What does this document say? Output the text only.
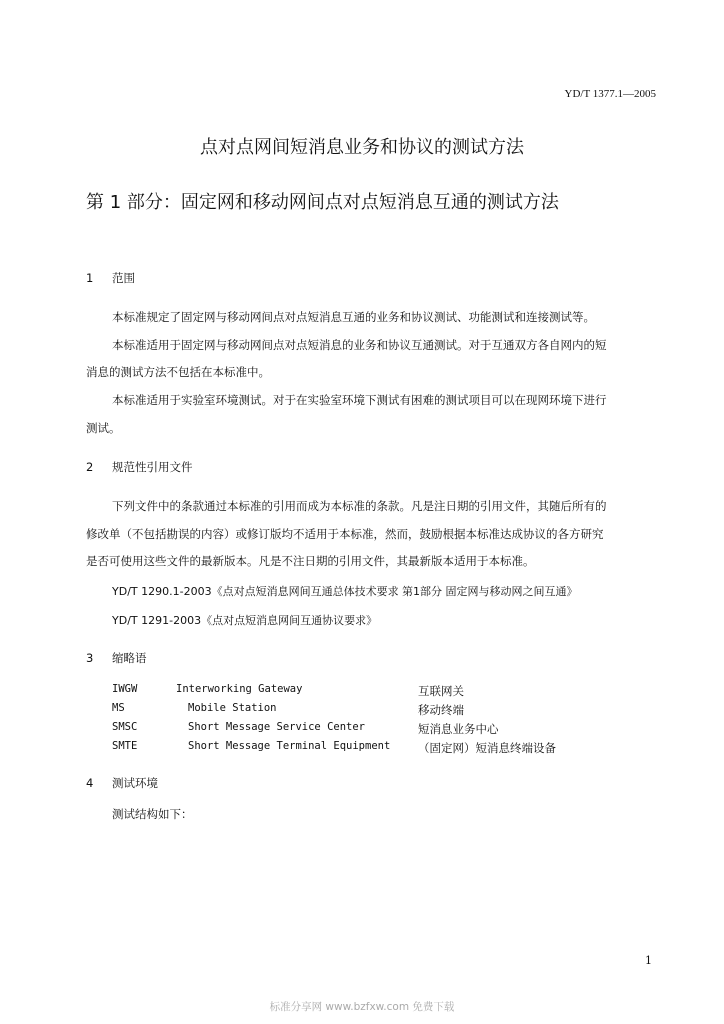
YD/T 1377.1—2005
点对点网间短消息业务和协议的测试方法
第 1 部分：固定网和移动网间点对点短消息互通的测试方法
1 范围
本标准规定了固定网与移动网间点对点短消息互通的业务和协议测试、功能测试和连接测试等。
本标准适用于固定网与移动网间点对点短消息的业务和协议互通测试。对于互通双方各自网内的短
消息的测试方法不包括在本标准中。
本标准适用于实验室环境测试。对于在实验室环境下测试有困难的测试项目可以在现网环境下进行
测试。
2 规范性引用文件
下列文件中的条款通过本标准的引用而成为本标准的条款。凡是注日期的引用文件，其随后所有的
修改单（不包括勘误的内容）或修订版均不适用于本标准，然而，鼓励根据本标准达成协议的各方研究
是否可使用这些文件的最新版本。凡是不注日期的引用文件，其最新版本适用于本标准。
YD/T 1290.1-2003《点对点短消息网间互通总体技术要求 第1部分 固定网与移动网之间互通》
YD/T 1291-2003《点对点短消息网间互通协议要求》
3 缩略语
IWGW	Interworking Gateway	互联网关
MS	Mobile Station	移动终端
SMSC	Short Message Service Center	短消息业务中心
SMTE	Short Message Terminal Equipment （固定网）短消息终端设备
4 测试环境
测试结构如下：
1
标准分享网 www.bzfxw.com 免费下载
